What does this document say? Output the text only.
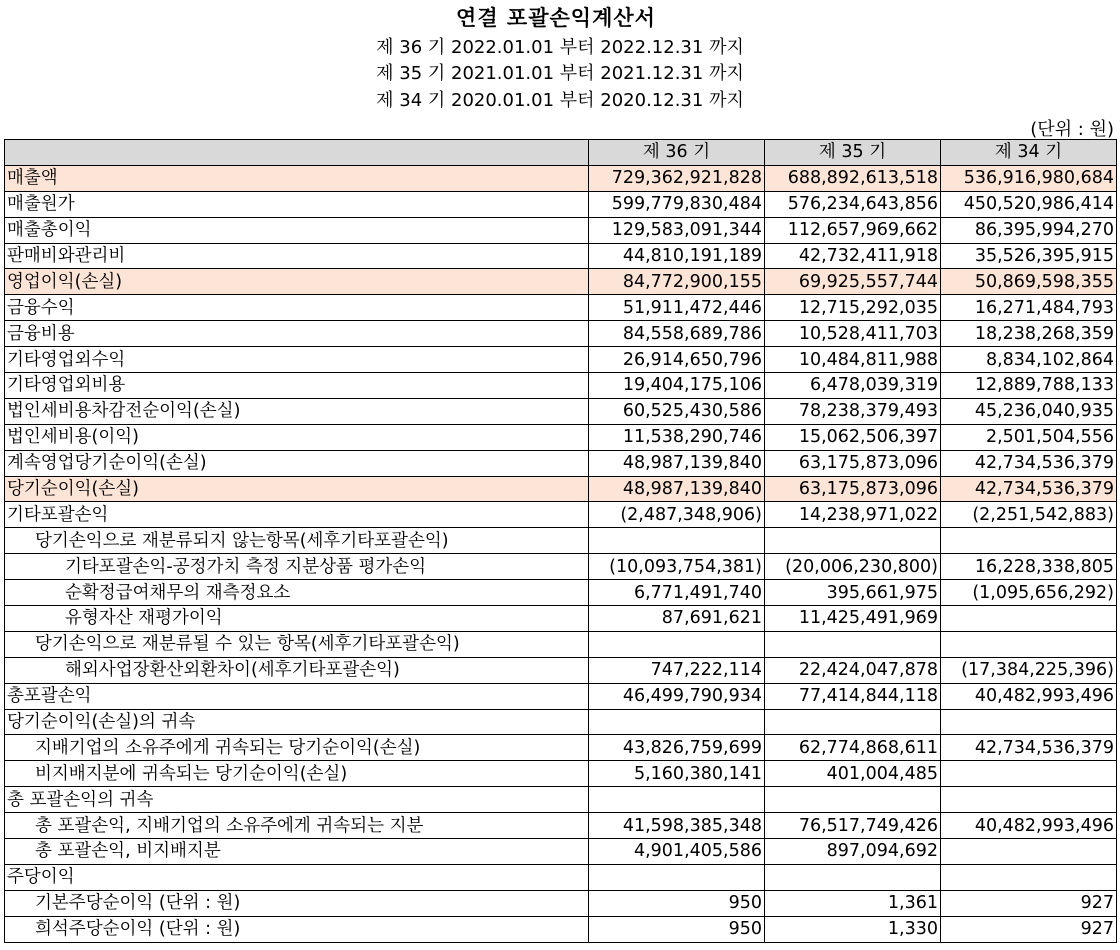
연결 포괄손익계산서
제 36 기 2022.01.01 부터 2022.12.31 까지
제 35 기 2021.01.01 부터 2021.12.31 까지
제 34 기 2020.01.01 부터 2020.12.31 까지
(단위 : 원)
	제 36 기	제 35 기	제 34 기
매출액	729,362,921,828	688,892,613,518	536,916,980,684
매출원가	599,779,830,484	576,234,643,856	450,520,986,414
매출총이익	129,583,091,344	112,657,969,662	86,395,994,270
판매비와관리비	44,810,191,189	42,732,411,918	35,526,395,915
영업이익(손실)	84,772,900,155	69,925,557,744	50,869,598,355
금융수익	51,911,472,446	12,715,292,035	16,271,484,793
금융비용	84,558,689,786	10,528,411,703	18,238,268,359
기타영업외수익	26,914,650,796	10,484,811,988	8,834,102,864
기타영업외비용	19,404,175,106	6,478,039,319	12,889,788,133
법인세비용차감전순이익(손실)	60,525,430,586	78,238,379,493	45,236,040,935
법인세비용(이익)	11,538,290,746	15,062,506,397	2,501,504,556
계속영업당기순이익(손실)	48,987,139,840	63,175,873,096	42,734,536,379
당기순이익(손실)	48,987,139,840	63,175,873,096	42,734,536,379
기타포괄손익	(2,487,348,906)	14,238,971,022	(2,251,542,883)
당기손익으로 재분류되지 않는항목(세후기타포괄손익)			
기타포괄손익-공정가치 측정 지분상품 평가손익	(10,093,754,381)	(20,006,230,800)	16,228,338,805
순확정급여채무의 재측정요소	6,771,491,740	395,661,975	(1,095,656,292)
유형자산 재평가이익	87,691,621	11,425,491,969	
당기손익으로 재분류될 수 있는 항목(세후기타포괄손익)			
해외사업장환산외환차이(세후기타포괄손익)	747,222,114	22,424,047,878	(17,384,225,396)
총포괄손익	46,499,790,934	77,414,844,118	40,482,993,496
당기순이익(손실)의 귀속			
지배기업의 소유주에게 귀속되는 당기순이익(손실)	43,826,759,699	62,774,868,611	42,734,536,379
비지배지분에 귀속되는 당기순이익(손실)	5,160,380,141	401,004,485	
총 포괄손익의 귀속			
총 포괄손익, 지배기업의 소유주에게 귀속되는 지분	41,598,385,348	76,517,749,426	40,482,993,496
총 포괄손익, 비지배지분	4,901,405,586	897,094,692	
주당이익			
기본주당순이익 (단위 : 원)	950	1,361	927
희석주당순이익 (단위 : 원)	950	1,330	927
